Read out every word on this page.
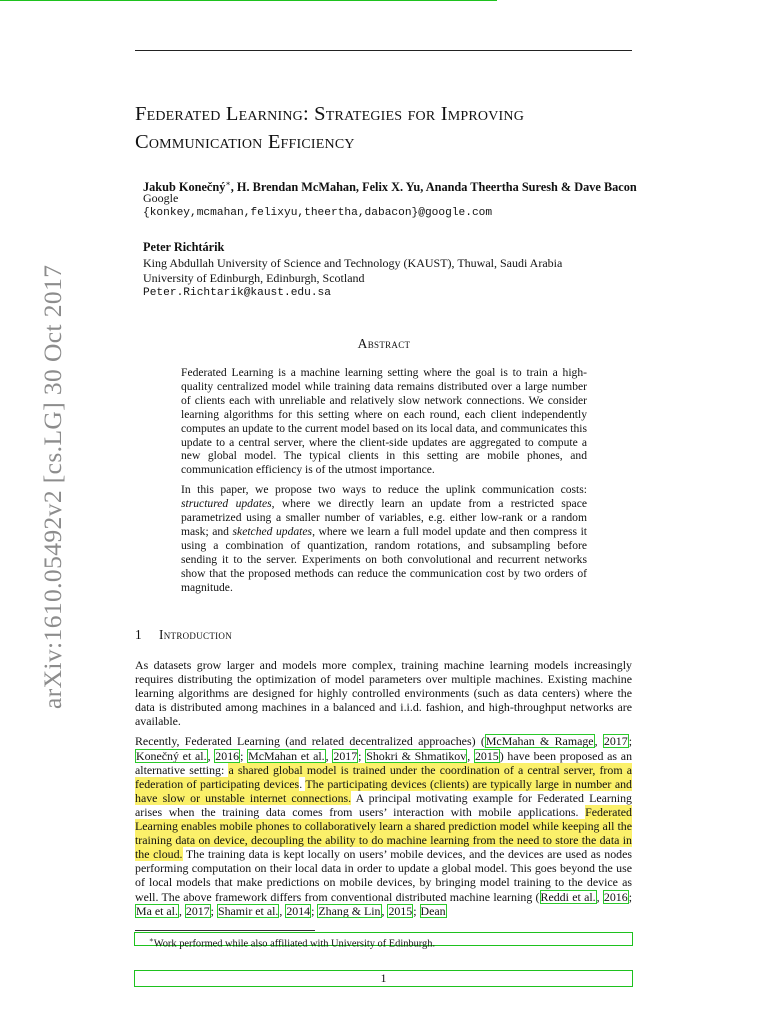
arXiv:1610.05492v2 [cs.LG] 30 Oct 2017
Federated Learning: Strategies for Improving
Communication Efficiency
Jakub Konečný∗, H. Brendan McMahan, Felix X. Yu, Ananda Theertha Suresh & Dave Bacon
Google
{konkey,mcmahan,felixyu,theertha,dabacon}@google.com
Peter Richtárik
King Abdullah University of Science and Technology (KAUST), Thuwal, Saudi Arabia
University of Edinburgh, Edinburgh, Scotland
Peter.Richtarik@kaust.edu.sa
Abstract

Federated Learning is a machine learning setting where the goal is to train a high-quality centralized model while training data remains distributed over a large number of clients each with unreliable and relatively slow network connections. We consider learning algorithms for this setting where on each round, each client independently computes an update to the current model based on its local data, and communicates this update to a central server, where the client-side updates are aggregated to compute a new global model. The typical clients in this setting are mobile phones, and communication efficiency is of the utmost importance.

In this paper, we propose two ways to reduce the uplink communication costs: structured updates, where we directly learn an update from a restricted space parametrized using a smaller number of variables, e.g. either low-rank or a random mask; and sketched updates, where we learn a full model update and then compress it using a combination of quantization, random rotations, and subsampling before sending it to the server. Experiments on both convolutional and recurrent networks show that the proposed methods can reduce the communication cost by two orders of magnitude.

1 Introduction

As datasets grow larger and models more complex, training machine learning models increasingly requires distributing the optimization of model parameters over multiple machines. Existing machine learning algorithms are designed for highly controlled environments (such as data centers) where the data is distributed among machines in a balanced and i.i.d. fashion, and high-throughput networks are available.

Recently, Federated Learning (and related decentralized approaches) (McMahan & Ramage, 2017; Konečný et al., 2016; McMahan et al., 2017; Shokri & Shmatikov, 2015) have been proposed as an alternative setting: a shared global model is trained under the coordination of a central server, from a federation of participating devices. The participating devices (clients) are typically large in number and have slow or unstable internet connections. A principal motivating example for Federated Learning arises when the training data comes from users’ interaction with mobile applications. Federated Learning enables mobile phones to collaboratively learn a shared prediction model while keeping all the training data on device, decoupling the ability to do machine learning from the need to store the data in the cloud. The training data is kept locally on users’ mobile devices, and the devices are used as nodes performing computation on their local data in order to update a global model. This goes beyond the use of local models that make predictions on mobile devices, by bringing model training to the device as well. The above framework differs from conventional distributed machine learning (Reddi et al., 2016; Ma et al., 2017; Shamir et al., 2014; Zhang & Lin, 2015; Dean

∗Work performed while also affiliated with University of Edinburgh.
1
